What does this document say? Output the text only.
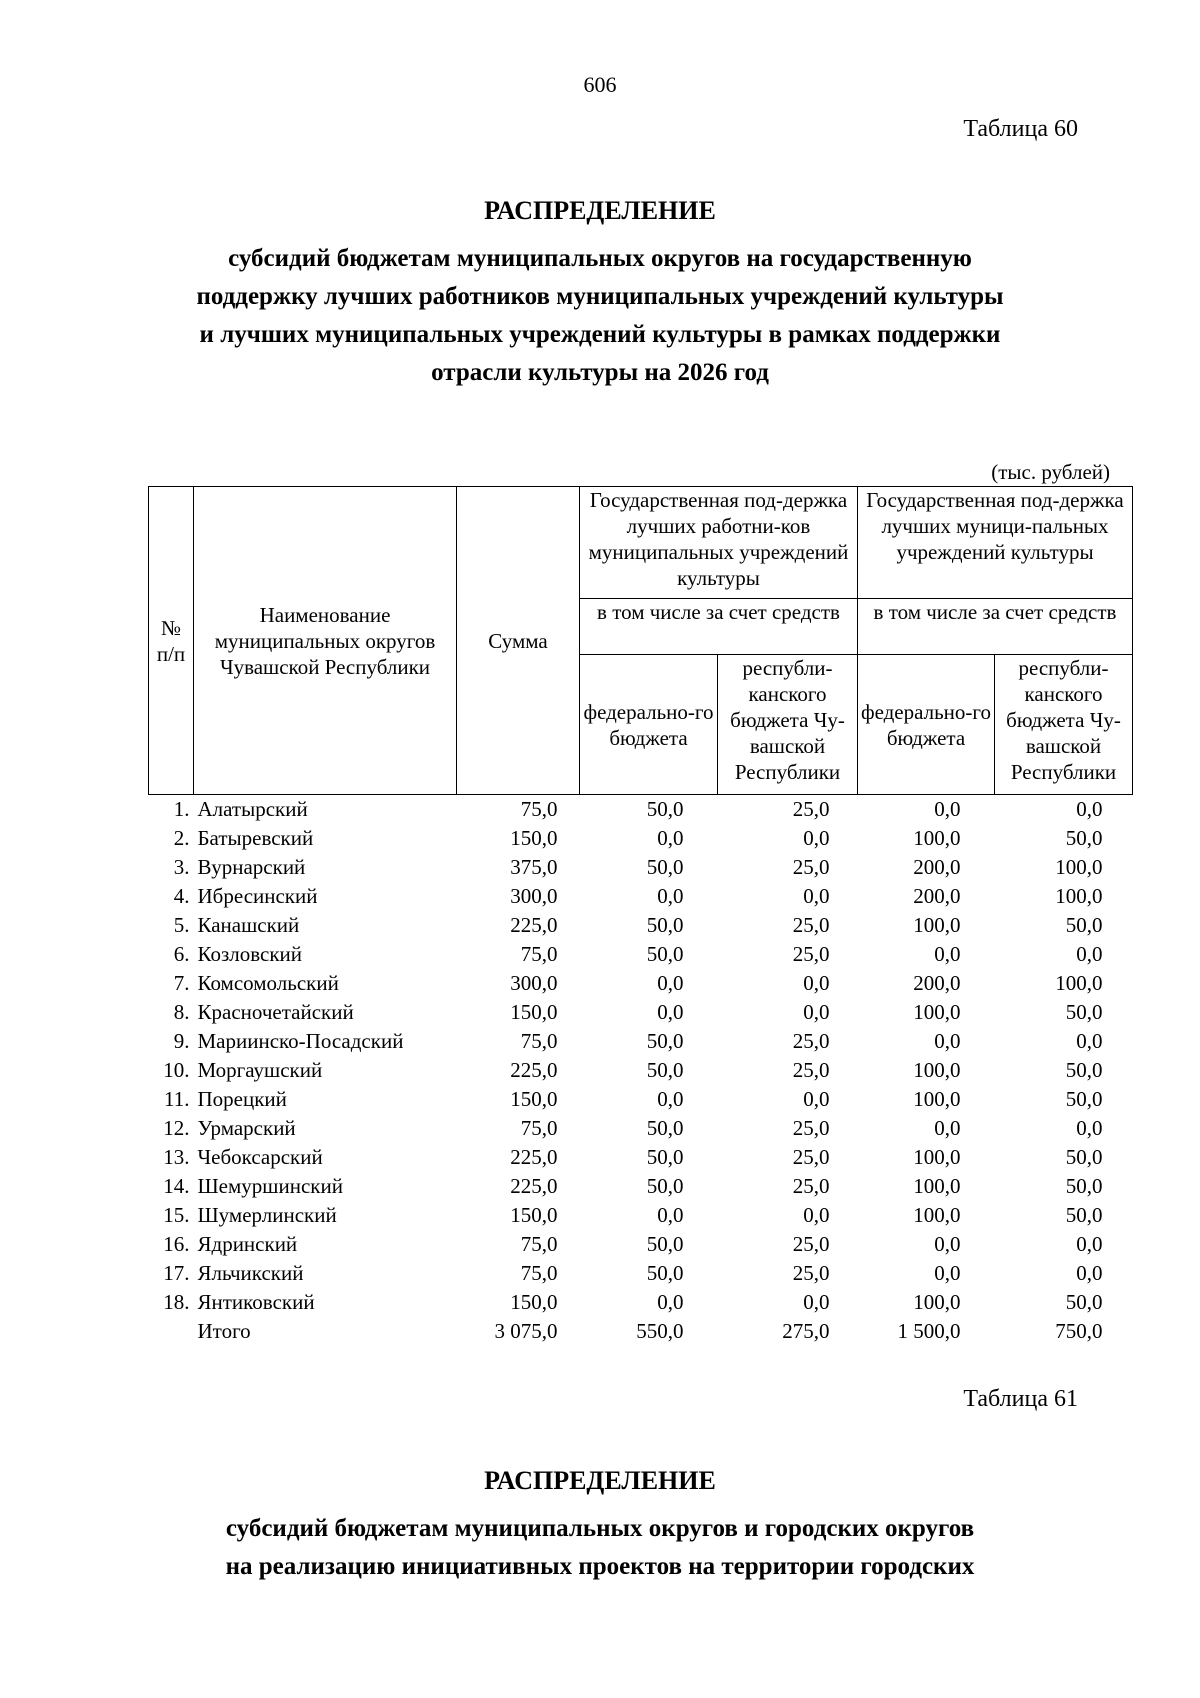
606
Таблица 60
РАСПРЕДЕЛЕНИЕ
субсидий бюджетам муниципальных округов на государственную
поддержку лучших работников муниципальных учреждений культуры
и лучших муниципальных учреждений культуры в рамках поддержки
отрасли культуры на 2026 год
(тыс. рублей)
№ п/п	Наименование муниципальных округов Чувашской Республики	Сумма	Государственная под-держка лучших работни-ков муниципальных учреждений культуры		Государственная под-держка лучших муници-пальных учреждений культуры	
			в том числе за счет средств		в том числе за счет средств	
			федерально-го бюджета	республи-канского бюджета Чу-вашской Республики	федерально-го бюджета	республи-канского бюджета Чу-вашской Республики
1.	Алатырский	75,0	50,0	25,0	0,0	0,0
2.	Батыревский	150,0	0,0	0,0	100,0	50,0
3.	Вурнарский	375,0	50,0	25,0	200,0	100,0
4.	Ибресинский	300,0	0,0	0,0	200,0	100,0
5.	Канашский	225,0	50,0	25,0	100,0	50,0
6.	Козловский	75,0	50,0	25,0	0,0	0,0
7.	Комсомольский	300,0	0,0	0,0	200,0	100,0
8.	Красночетайский	150,0	0,0	0,0	100,0	50,0
9.	Мариинско-Посадский	75,0	50,0	25,0	0,0	0,0
10.	Моргаушский	225,0	50,0	25,0	100,0	50,0
11.	Порецкий	150,0	0,0	0,0	100,0	50,0
12.	Урмарский	75,0	50,0	25,0	0,0	0,0
13.	Чебоксарский	225,0	50,0	25,0	100,0	50,0
14.	Шемуршинский	225,0	50,0	25,0	100,0	50,0
15.	Шумерлинский	150,0	0,0	0,0	100,0	50,0
16.	Ядринский	75,0	50,0	25,0	0,0	0,0
17.	Яльчикский	75,0	50,0	25,0	0,0	0,0
18.	Янтиковский	150,0	0,0	0,0	100,0	50,0
	Итого	3 075,0	550,0	275,0	1 500,0	750,0
Таблица 61
РАСПРЕДЕЛЕНИЕ
субсидий бюджетам муниципальных округов и городских округов
на реализацию инициативных проектов на территории городских
